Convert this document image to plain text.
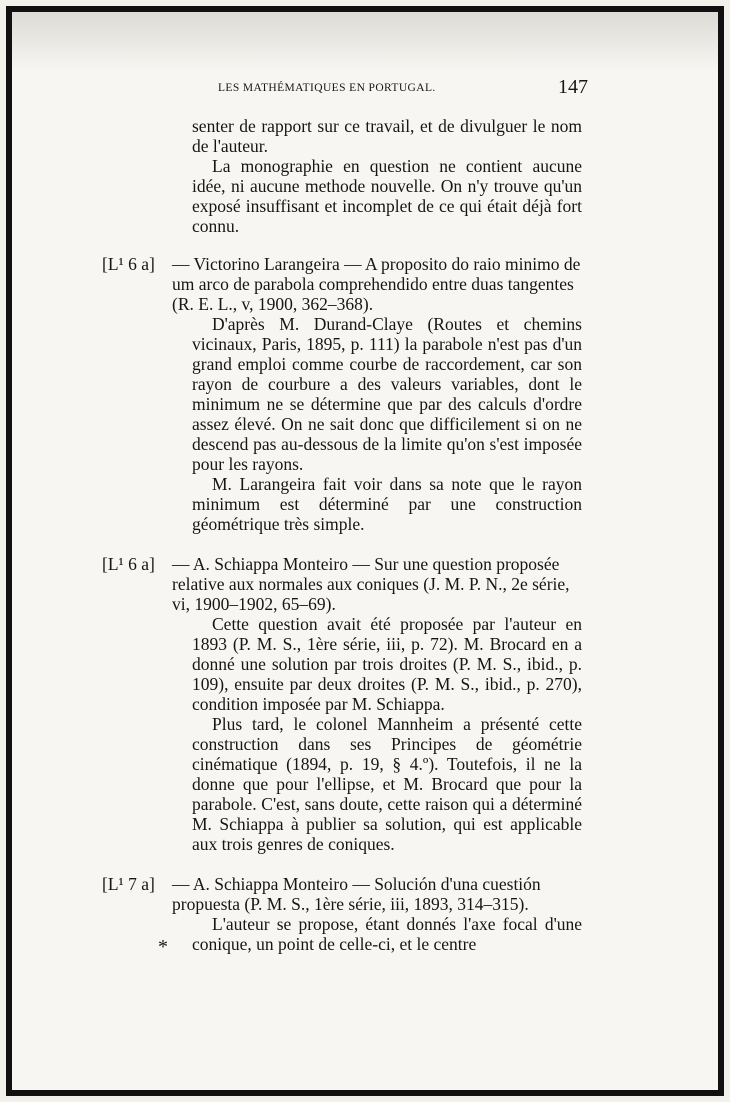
LES MATHÉMATIQUES EN PORTUGAL.	147

senter de rapport sur ce travail, et de divulguer le nom de l'auteur.

La monographie en question ne contient aucune idée, ni aucune methode nouvelle. On n'y trouve qu'un exposé insuffisant et incomplet de ce qui était déjà fort connu.

[L¹ 6 a] — Victorino Larangeira — A proposito do raio minimo de um arco de parabola comprehendido entre duas tangentes (R. E. L., v, 1900, 362–368).

D'après M. Durand-Claye (Routes et chemins vicinaux, Paris, 1895, p. 111) la parabole n'est pas d'un grand emploi comme courbe de raccordement, car son rayon de courbure a des valeurs variables, dont le minimum ne se détermine que par des calculs d'ordre assez élevé. On ne sait donc que difficilement si on ne descend pas au-dessous de la limite qu'on s'est imposée pour les rayons.

M. Larangeira fait voir dans sa note que le rayon minimum est déterminé par une construction géométrique très simple.

[L¹ 6 a] — A. Schiappa Monteiro — Sur une question proposée relative aux normales aux coniques (J. M. P. N., 2e série, vi, 1900–1902, 65–69).

Cette question avait été proposée par l'auteur en 1893 (P. M. S., 1ère série, iii, p. 72). M. Brocard en a donné une solution par trois droites (P. M. S., ibid., p. 109), ensuite par deux droites (P. M. S., ibid., p. 270), condition imposée par M. Schiappa.

Plus tard, le colonel Mannheim a présenté cette construction dans ses Principes de géométrie cinématique (1894, p. 19, § 4.º). Toutefois, il ne la donne que pour l'ellipse, et M. Brocard que pour la parabole. C'est, sans doute, cette raison qui a déterminé M. Schiappa à publier sa solution, qui est applicable aux trois genres de coniques.

[L¹ 7 a] — A. Schiappa Monteiro — Solución d'una cuestión propuesta (P. M. S., 1ère série, iii, 1893, 314–315).

L'auteur se propose, étant donnés l'axe focal d'une conique, un point de celle-ci, et le centre

*
